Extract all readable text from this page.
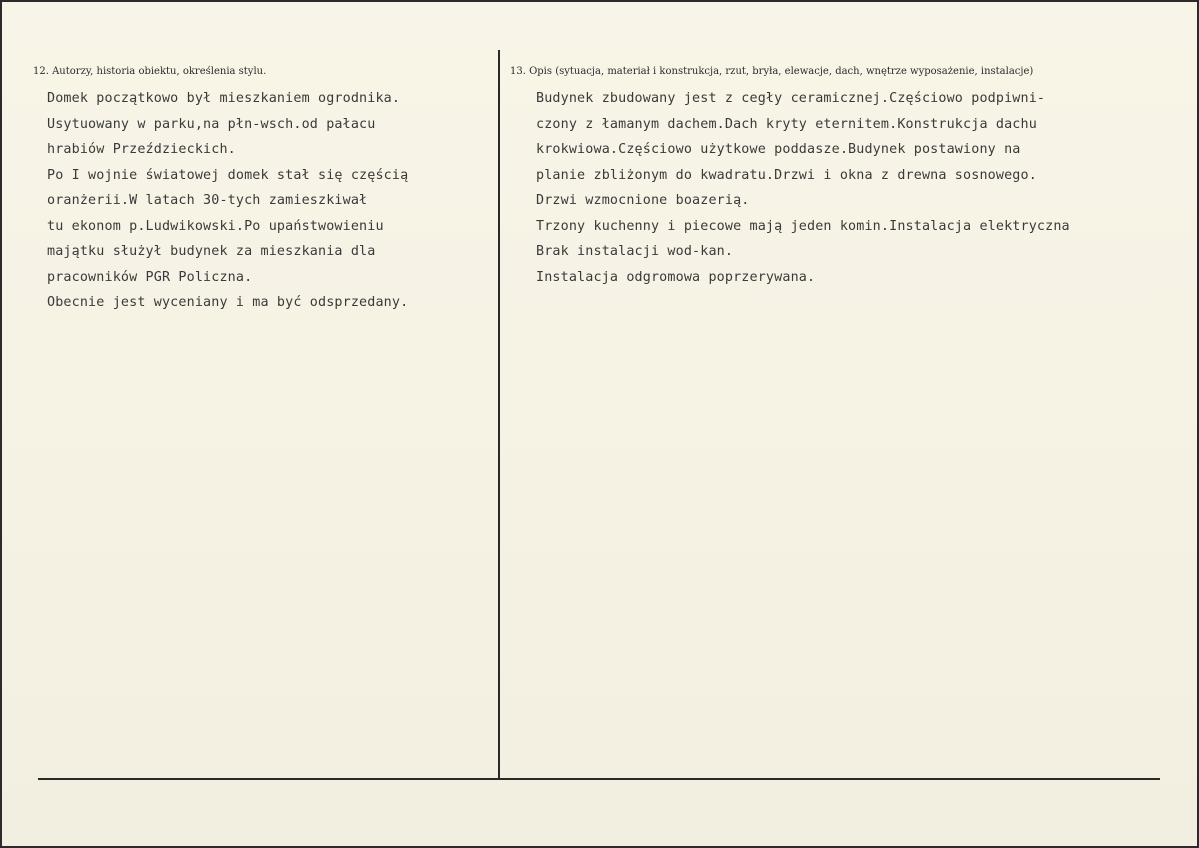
12. Autorzy, historia obiektu, określenia stylu.
Domek początkowo był mieszkaniem ogrodnika.
Usytuowany w parku,na płn-wsch.od pałacu
hrabiów Przeździeckich.
Po I wojnie światowej domek stał się częścią
oranżerii.W latach 30-tych zamieszkiwał
tu ekonom p.Ludwikowski.Po upaństwowieniu
majątku służył budynek za mieszkania dla
pracowników PGR Policzna.
Obecnie jest wyceniany i ma być odsprzedany.
13. Opis (sytuacja, materiał i konstrukcja, rzut, bryła, elewacje, dach, wnętrze wyposażenie, instalacje)
Budynek zbudowany jest z cegły ceramicznej.Częściowo podpiwni-
czony z łamanym dachem.Dach kryty eternitem.Konstrukcja dachu
krokwiowa.Częściowo użytkowe poddasze.Budynek postawiony na
planie zbliżonym do kwadratu.Drzwi i okna z drewna sosnowego.
Drzwi wzmocnione boazerią.
Trzony kuchenny i piecowe mają jeden komin.Instalacja elektryczna
Brak instalacji wod-kan.
Instalacja odgromowa poprzerywana.
